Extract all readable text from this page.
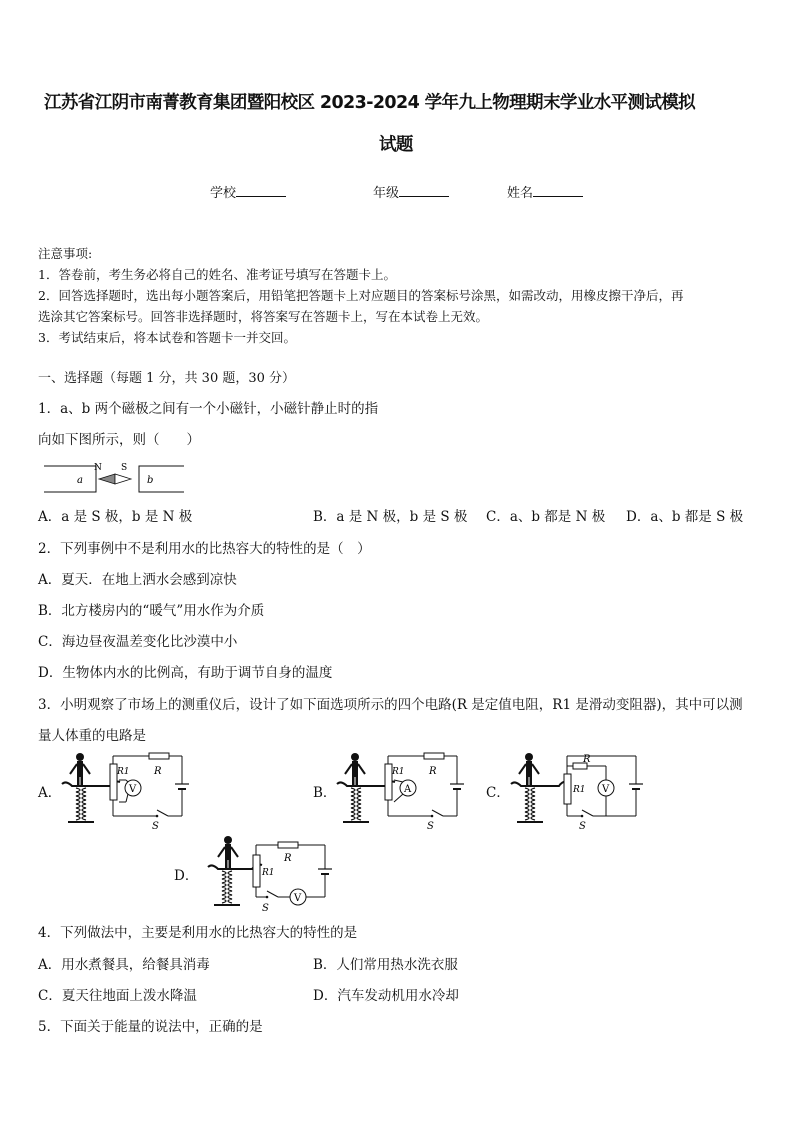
江苏省江阴市南菁教育集团暨阳校区 2023-2024 学年九上物理期末学业水平测试模拟
试题
学校	年级	姓名
注意事项:
1．答卷前，考生务必将自己的姓名、准考证号填写在答题卡上。
2．回答选择题时，选出每小题答案后，用铅笔把答题卡上对应题目的答案标号涂黑，如需改动，用橡皮擦干净后，再
选涂其它答案标号。回答非选择题时，将答案写在答题卡上，写在本试卷上无效。
3．考试结束后，将本试卷和答题卡一并交回。
一、选择题（每题 1 分，共 30 题，30 分）
1．a、b 两个磁极之间有一个小磁针，小磁针静止时的指
向如下图所示，则（　　）
a
N S
b
A．a 是 S 极，b 是 N 极	B．a 是 N 极，b 是 S 极 C．a、b 都是 N 极 D．a、b 都是 S 极
2．下列事例中不是利用水的比热容大的特性的是（　）
A．夏天．在地上洒水会感到凉快
B．北方楼房内的“暖气”用水作为介质
C．海边昼夜温差变化比沙漠中小
D．生物体内水的比例高，有助于调节自身的温度
3．小明观察了市场上的测重仪后，设计了如下面选项所示的四个电路(R 是定值电阻，R1 是滑动变阻器)，其中可以测
量人体重的电路是
A．	B．	C．
D．
R1 R
S
V
R1 R
S
A	R1
R
S
V
R1
R
V
S
4．下列做法中，主要是利用水的比热容大的特性的是
A．用水煮餐具，给餐具消毒	B．人们常用热水洗衣服
C．夏天往地面上泼水降温	D．汽车发动机用水冷却
5．下面关于能量的说法中，正确的是
